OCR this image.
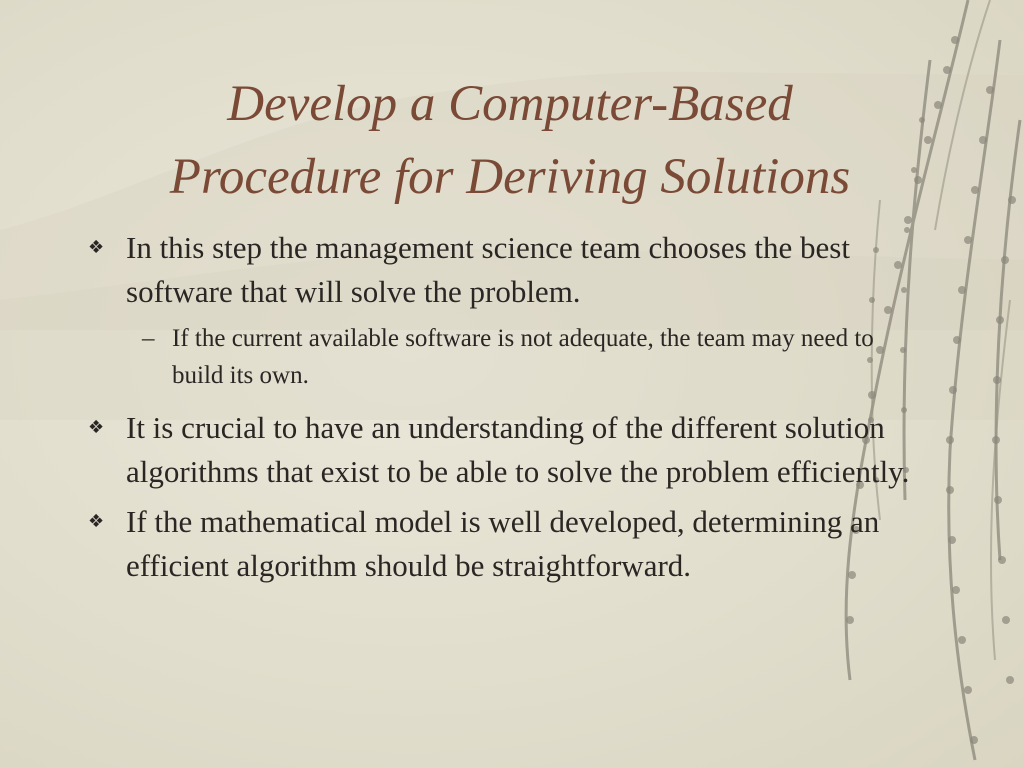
Develop a Computer-Based
Procedure for Deriving Solutions
❖ In this step the management science team chooses the best software that will solve the problem.
– If the current available software is not adequate, the team may need to build its own.
❖ It is crucial to have an understanding of the different solution algorithms that exist to be able to solve the problem efficiently.
❖ If the mathematical model is well developed, determining an efficient algorithm should be straightforward.
